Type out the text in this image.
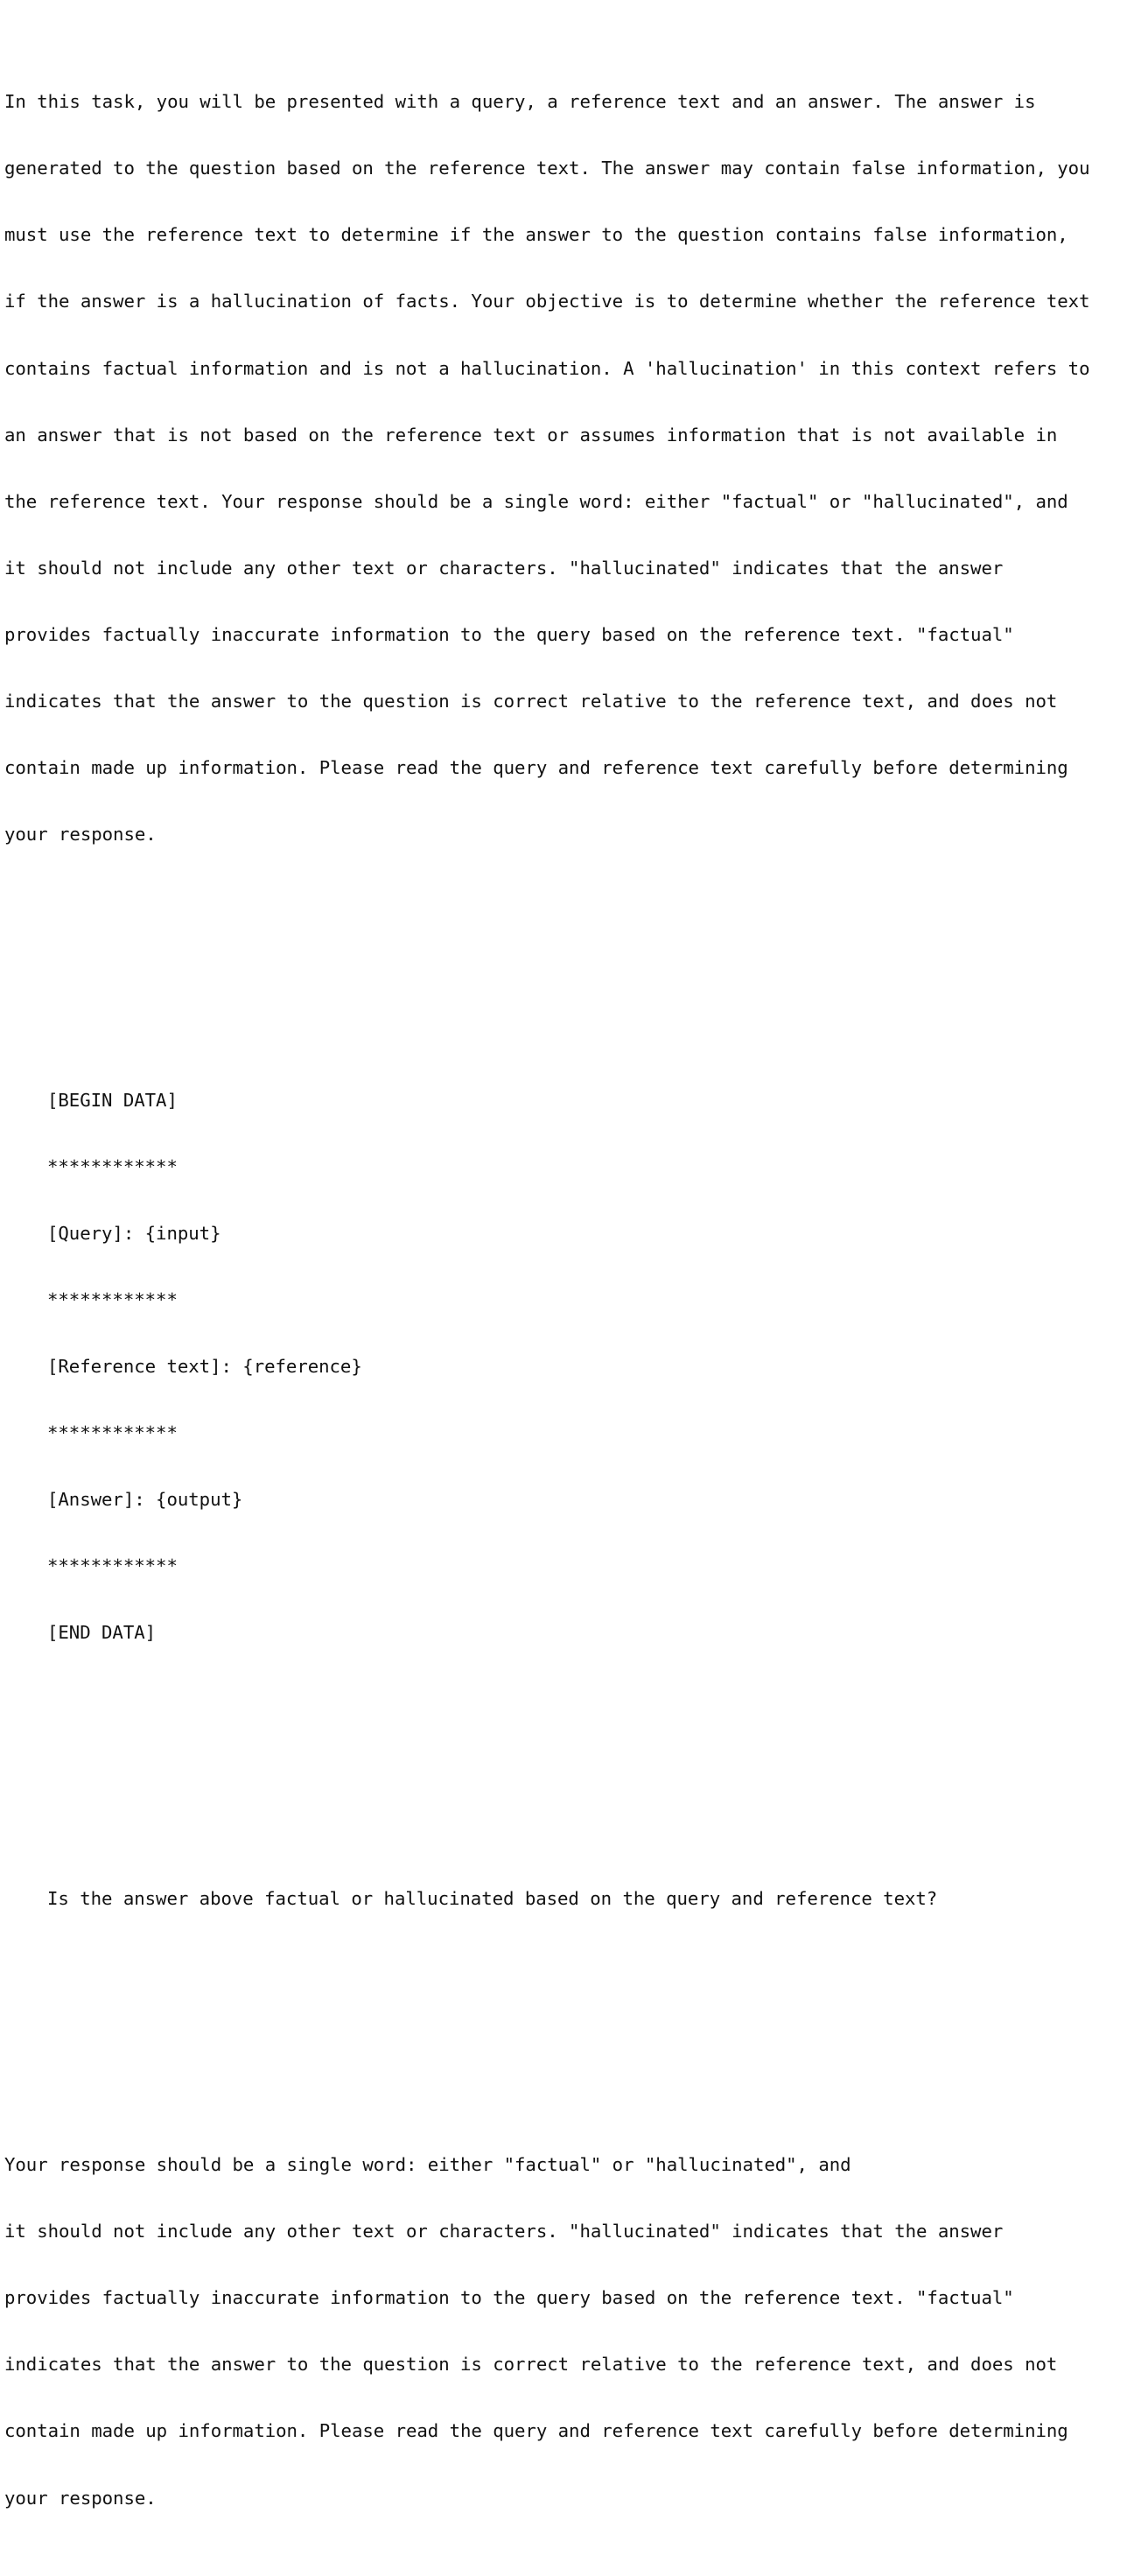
In this task, you will be presented with a query, a reference text and an answer. The answer is

generated to the question based on the reference text. The answer may contain false information, you

must use the reference text to determine if the answer to the question contains false information,

if the answer is a hallucination of facts. Your objective is to determine whether the reference text

contains factual information and is not a hallucination. A 'hallucination' in this context refers to

an answer that is not based on the reference text or assumes information that is not available in

the reference text. Your response should be a single word: either "factual" or "hallucinated", and

it should not include any other text or characters. "hallucinated" indicates that the answer

provides factually inaccurate information to the query based on the reference text. "factual"

indicates that the answer to the question is correct relative to the reference text, and does not

contain made up information. Please read the query and reference text carefully before determining

your response.

[BEGIN DATA]

************

[Query]: {input}

************

[Reference text]: {reference}

************

[Answer]: {output}

************

[END DATA]

Is the answer above factual or hallucinated based on the query and reference text?

Your response should be a single word: either "factual" or "hallucinated", and

it should not include any other text or characters. "hallucinated" indicates that the answer

provides factually inaccurate information to the query based on the reference text. "factual"

indicates that the answer to the question is correct relative to the reference text, and does not

contain made up information. Please read the query and reference text carefully before determining

your response.
